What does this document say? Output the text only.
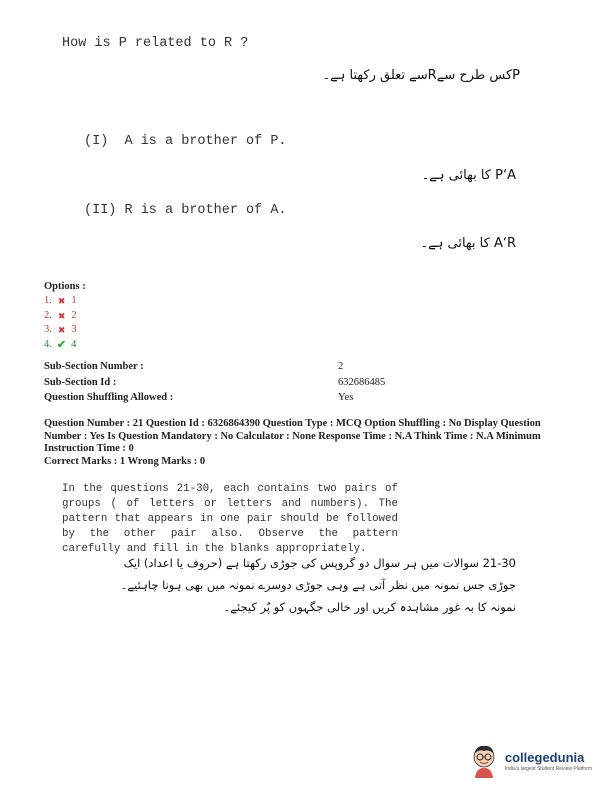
How is P related to R ?
Pکس طرح سےRسے تعلق رکھتا ہے۔
(I)  A is a brother of P.
P‘A کا بھائی ہے۔
(II) R is a brother of A.
A‘R کا بھائی ہے۔
Options :
1. ✖ 1
2. ✖ 2
3. ✖ 3
4. ✔ 4
Sub-Section Number :
Sub-Section Id :
Question Shuffling Allowed :
2
632686485
Yes
Question Number : 21 Question Id : 6326864390 Question Type : MCQ Option Shuffling : No Display Question Number : Yes Is Question Mandatory : No Calculator : None Response Time : N.A Think Time : N.A Minimum Instruction Time : 0
Correct Marks : 1 Wrong Marks : 0
In the questions 21-30, each contains two pairs of groups ( of letters or letters and numbers). The pattern that appears in one pair should be followed by the other pair also. Observe the pattern carefully and fill in the blanks appropriately.
21-30 سوالات میں ہر سوال دو گروپس کی جوڑی رکھتا ہے (حروف یا اعداد) ایک
جوڑی جس نمونہ میں نظر آتی ہے وہی جوڑی دوسرے نمونہ میں بھی ہونا چاہئیے۔
نمونہ کا بہ غور مشاہدہ کریں اور خالی جگہوں کو پُر کیجئے۔
collegedunia
India's largest Student Review Platform
